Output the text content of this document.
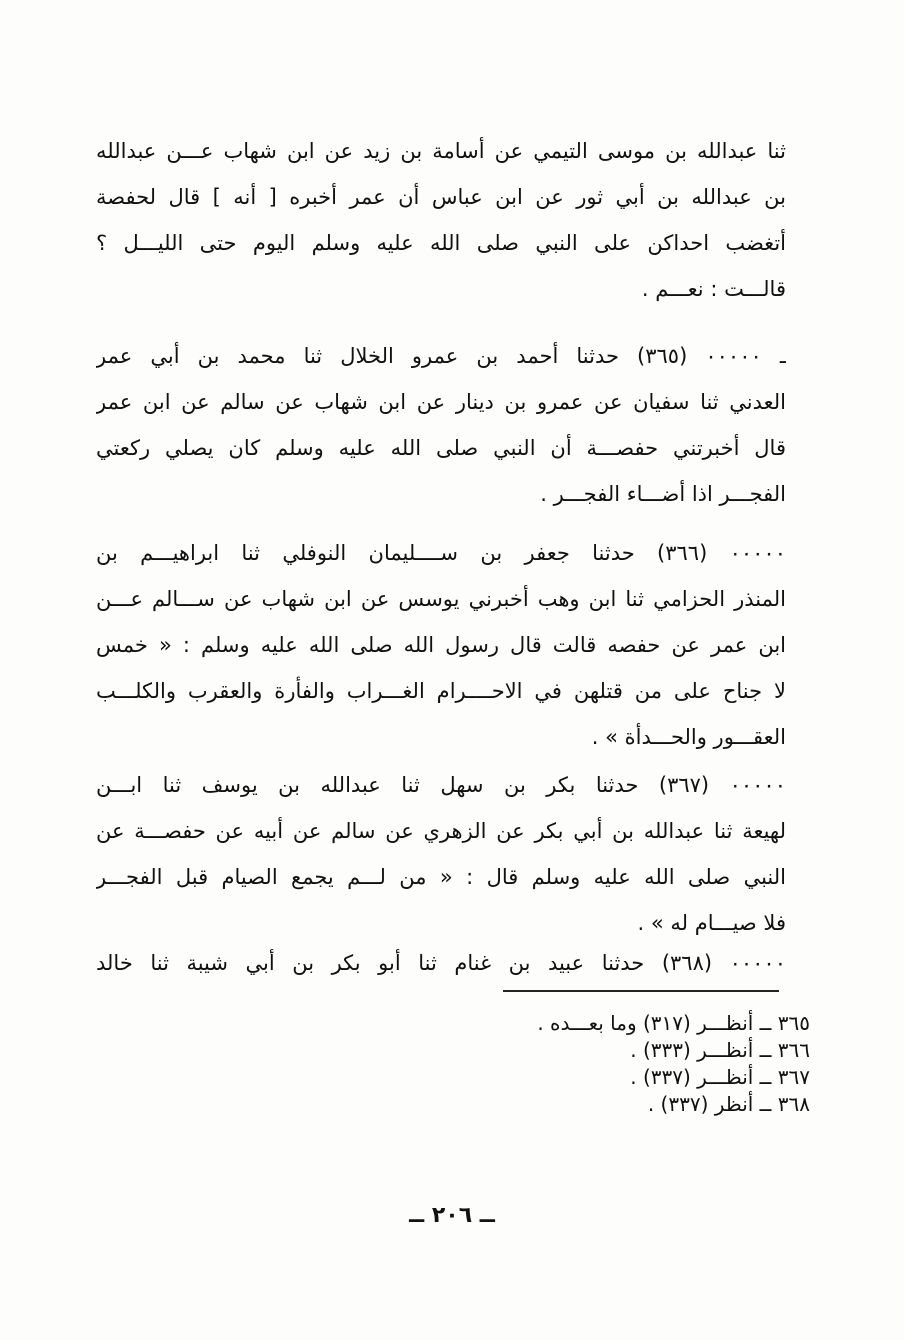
ثنا عبدالله بن موسى التيمي عن أسامة بن زيد عن ابن شهاب عـــن عبدالله
بن عبدالله بن أبي ثور عن ابن عباس أن عمر أخبره [ أنه ] قال لحفصة
أتغضب احداكن على النبي صلى الله عليه وسلم اليوم حتى الليـــل ؟
قالـــت : نعـــم .
ـ ٠٠٠٠٠ (٣٦٥) حدثنا أحمد بن عمرو الخلال ثنا محمد بن أبي عمر
العدني ثنا سفيان عن عمرو بن دينار عن ابن شهاب عن سالم عن ابن عمر
قال أخبرتني حفصـــة أن النبي صلى الله عليه وسلم كان يصلي ركعتي
الفجـــر اذا أضـــاء الفجـــر .
٠٠٠٠٠ (٣٦٦) حدثنا جعفر بن ســــليمان النوفلي ثنا ابراهيـــم بن
المنذر الحزامي ثنا ابن وهب أخبرني يوسس عن ابن شهاب عن ســـالم عـــن
ابن عمر عن حفصه قالت قال رسول الله صلى الله عليه وسلم : « خمس
لا جناح على من قتلهن في الاحــــرام الغـــراب والفأرة والعقرب والكلـــب
العقـــور والحـــدأة » .
٠٠٠٠٠ (٣٦٧) حدثنا بكر بن سهل ثنا عبدالله بن يوسف ثنا ابـــن
لهيعة ثنا عبدالله بن أبي بكر عن الزهري عن سالم عن أبيه عن حفصـــة عن
النبي صلى الله عليه وسلم قال : « من لـــم يجمع الصيام قبل الفجـــر
فلا صيـــام له » .
٠٠٠٠٠ (٣٦٨) حدثنا عبيد بن غنام ثنا أبو بكر بن أبي شيبة ثنا خالد
٣٦٥ ــ أنظـــر (٣١٧) وما بعـــده .
٣٦٦ ــ أنظـــر (٣٣٣) .
٣٦٧ ــ أنظـــر (٣٣٧) .
٣٦٨ ــ أنظر (٣٣٧) .
ــ ٢٠٦ ــ
